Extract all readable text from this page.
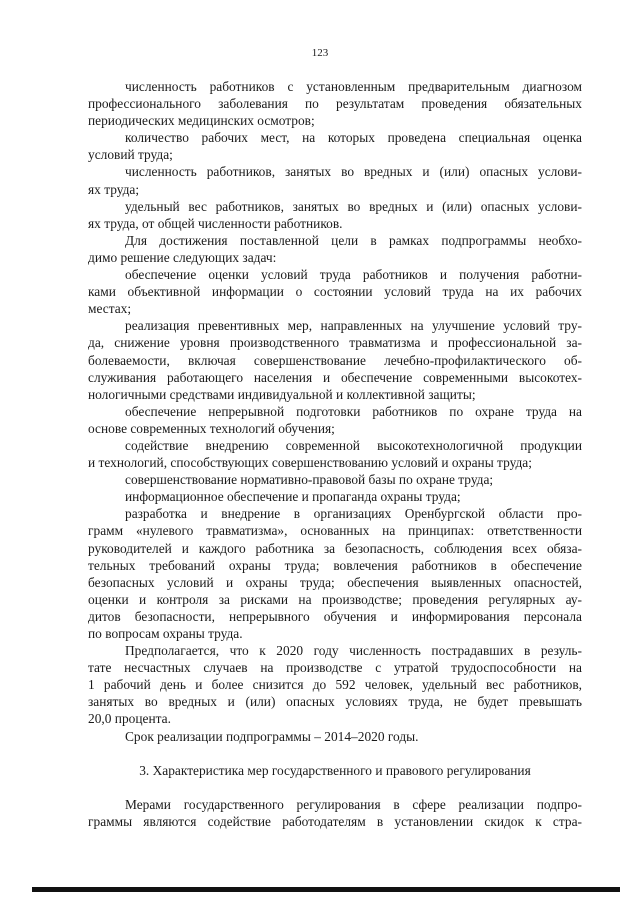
123
численность работников с установленным предварительным диагнозом
профессионального заболевания по результатам проведения обязательных
периодических медицинских осмотров;
количество рабочих мест, на которых проведена специальная оценка
условий труда;
численность работников, занятых во вредных и (или) опасных услови-
ях труда;
удельный вес работников, занятых во вредных и (или) опасных услови-
ях труда, от общей численности работников.
Для достижения поставленной цели в рамках подпрограммы необхо-
димо решение следующих задач:
обеспечение оценки условий труда работников и получения работни-
ками объективной информации о состоянии условий труда на их рабочих
местах;
реализация превентивных мер, направленных на улучшение условий тру-
да, снижение уровня производственного травматизма и профессиональной за-
болеваемости, включая совершенствование лечебно-профилактического об-
служивания работающего населения и обеспечение современными высокотех-
нологичными средствами индивидуальной и коллективной защиты;
обеспечение непрерывной подготовки работников по охране труда на
основе современных технологий обучения;
содействие внедрению современной высокотехнологичной продукции
и технологий, способствующих совершенствованию условий и охраны труда;
совершенствование нормативно-правовой базы по охране труда;
информационное обеспечение и пропаганда охраны труда;
разработка и внедрение в организациях Оренбургской области про-
грамм «нулевого травматизма», основанных на принципах: ответственности
руководителей и каждого работника за безопасность, соблюдения всех обяза-
тельных требований охраны труда; вовлечения работников в обеспечение
безопасных условий и охраны труда; обеспечения выявленных опасностей,
оценки и контроля за рисками на производстве; проведения регулярных ау-
дитов безопасности, непрерывного обучения и информирования персонала
по вопросам охраны труда.
Предполагается, что к 2020 году численность пострадавших в резуль-
тате несчастных случаев на производстве с утратой трудоспособности на
1 рабочий день и более снизится до 592 человек, удельный вес работников,
занятых во вредных и (или) опасных условиях труда, не будет превышать
20,0 процента.
Срок реализации подпрограммы – 2014–2020 годы.
3. Характеристика мер государственного и правового регулирования
Мерами государственного регулирования в сфере реализации подпро-
граммы являются содействие работодателям в установлении скидок к стра-
